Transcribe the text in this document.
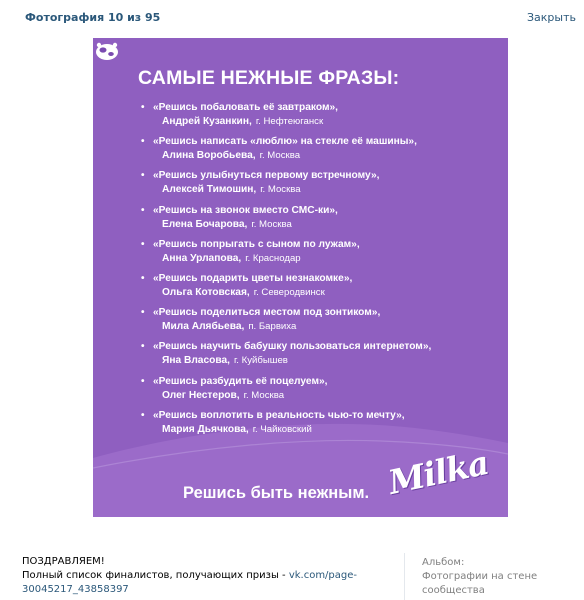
Фотография 10 из 95	Закрыть
САМЫЕ НЕЖНЫЕ ФРАЗЫ:
• «Решись побаловать её завтраком»,
Андрей Кузанкин, г. Нефтеюганск
• «Решись написать «люблю» на стекле её машины»,
Алина Воробьева, г. Москва
• «Решись улыбнуться первому встречному»,
Алексей Тимошин, г. Москва
• «Решись на звонок вместо СМС-ки»,
Елена Бочарова, г. Москва
• «Решись попрыгать с сыном по лужам»,
Анна Урлапова, г. Краснодар
• «Решись подарить цветы незнакомке»,
Ольга Котовская, г. Северодвинск
• «Решись поделиться местом под зонтиком»,
Мила Алябьева, п. Барвиха
• «Решись научить бабушку пользоваться интернетом»,
Яна Власова, г. Куйбышев
• «Решись разбудить её поцелуем»,
Олег Нестеров, г. Москва
• «Решись воплотить в реальность чью-то мечту»,
Мария Дьячкова, г. Чайковский
Решись быть нежным. Milka
ПОЗДРАВЛЯЕМ!
Полный список финалистов, получающих призы - vk.com/page-
30045217_43858397
Альбом:
Фотографии на стене
сообщества
